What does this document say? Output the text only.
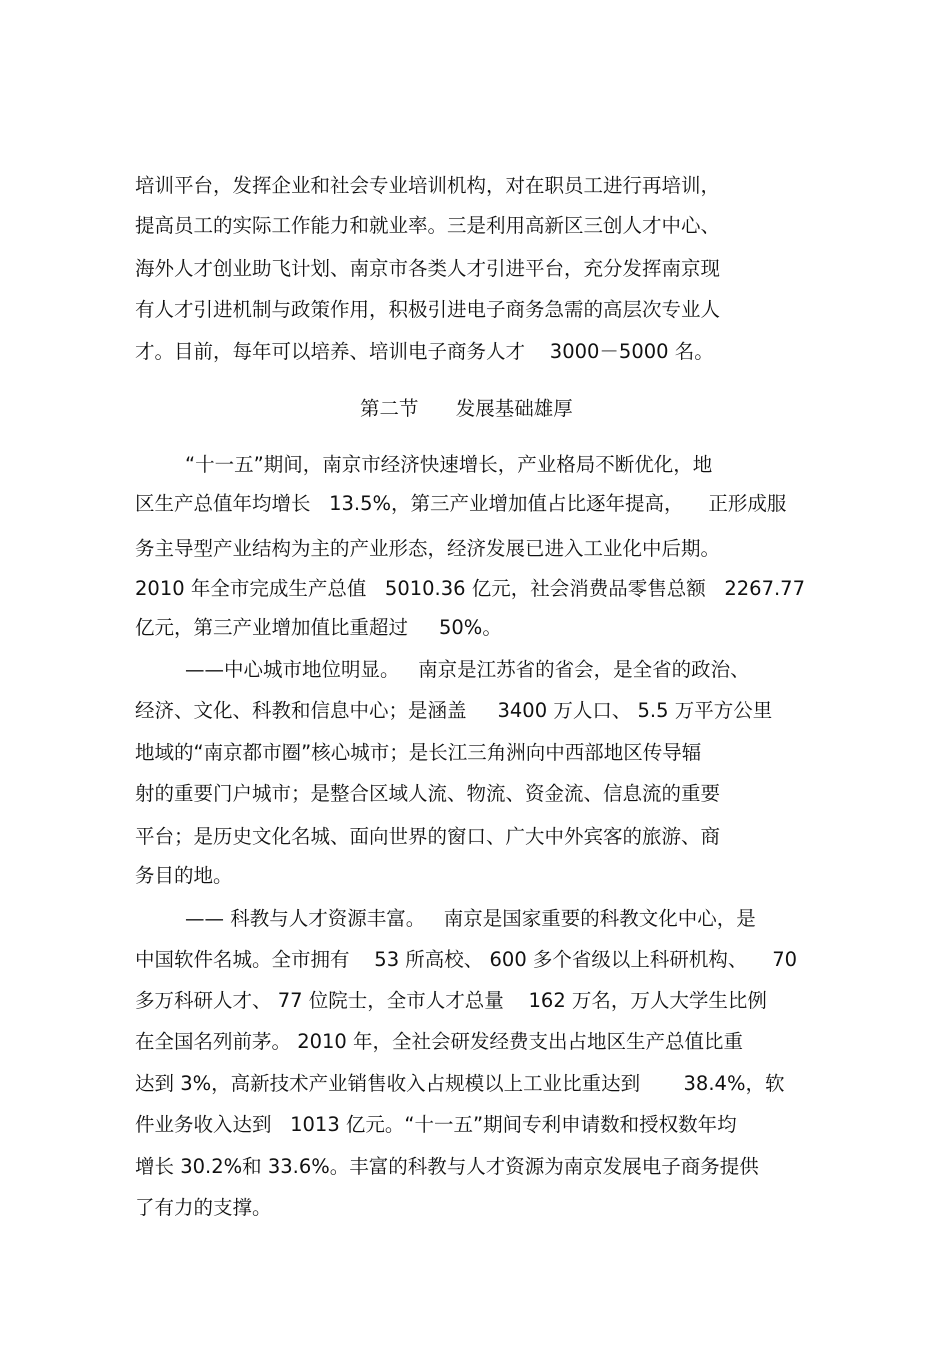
培训平台，发挥企业和社会专业培训机构，对在职员工进行再培训，
提高员工的实际工作能力和就业率。三是利用高新区三创人才中心、
海外人才创业助飞计划、南京市各类人才引进平台，充分发挥南京现
有人才引进机制与政策作用，积极引进电子商务急需的高层次专业人
才。目前，每年可以培养、培训电子商务人才    3000－5000 名。
第二节      发展基础雄厚
“十一五”期间，南京市经济快速增长，产业格局不断优化，地
区生产总值年均增长   13.5%，第三产业增加值占比逐年提高，    正形成服
务主导型产业结构为主的产业形态，经济发展已进入工业化中后期。
2010 年全市完成生产总值   5010.36 亿元，社会消费品零售总额   2267.77
亿元，第三产业增加值比重超过     50%。
——中心城市地位明显。   南京是江苏省的省会，是全省的政治、
经济、文化、科教和信息中心；是涵盖     3400 万人口、 5.5 万平方公里
地域的“南京都市圈”核心城市；是长江三角洲向中西部地区传导辐
射的重要门户城市；是整合区域人流、物流、资金流、信息流的重要
平台；是历史文化名城、面向世界的窗口、广大中外宾客的旅游、商
务目的地。
—— 科教与人才资源丰富。   南京是国家重要的科教文化中心，是
中国软件名城。全市拥有    53 所高校、 600 多个省级以上科研机构、    70
多万科研人才、 77 位院士，全市人才总量    162 万名，万人大学生比例
在全国名列前茅。 2010 年，全社会研发经费支出占地区生产总值比重
达到 3%，高新技术产业销售收入占规模以上工业比重达到       38.4%，软
件业务收入达到   1013 亿元。“十一五”期间专利申请数和授权数年均
增长 30.2%和 33.6%。丰富的科教与人才资源为南京发展电子商务提供
了有力的支撑。
